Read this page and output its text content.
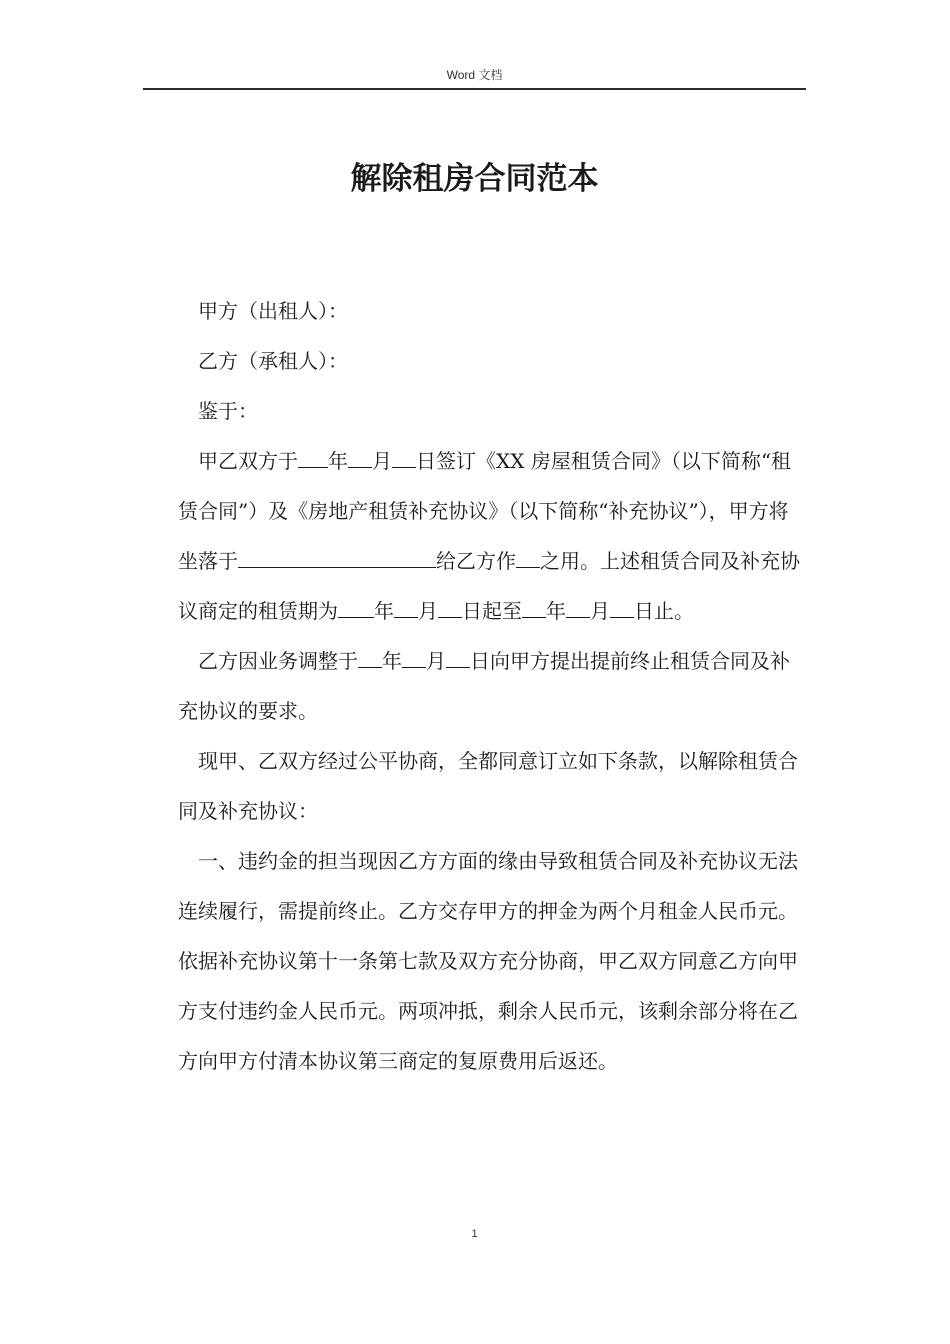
Word 文档
解除租房合同范本

甲方（出租人）：

乙方（承租人）：

鉴于：

甲乙双方于 年 月 日签订《XX 房屋租赁合同》（以下简称“租赁合同”）及《房地产租赁补充协议》（以下简称“补充协议”），甲方将坐落于	给乙方作 之用。上述租赁合同及补充协议商定的租赁期为 年 月 日起至 年 月 日止。

乙方因业务调整于 年 月 日向甲方提出提前终止租赁合同及补充协议的要求。

现甲、乙双方经过公平协商，全都同意订立如下条款，以解除租赁合同及补充协议：

一、违约金的担当现因乙方方面的缘由导致租赁合同及补充协议无法连续履行，需提前终止。乙方交存甲方的押金为两个月租金人民币元。依据补充协议第十一条第七款及双方充分协商，甲乙双方同意乙方向甲方支付违约金人民币元。两项冲抵，剩余人民币元，该剩余部分将在乙方向甲方付清本协议第三商定的复原费用后返还。

1
